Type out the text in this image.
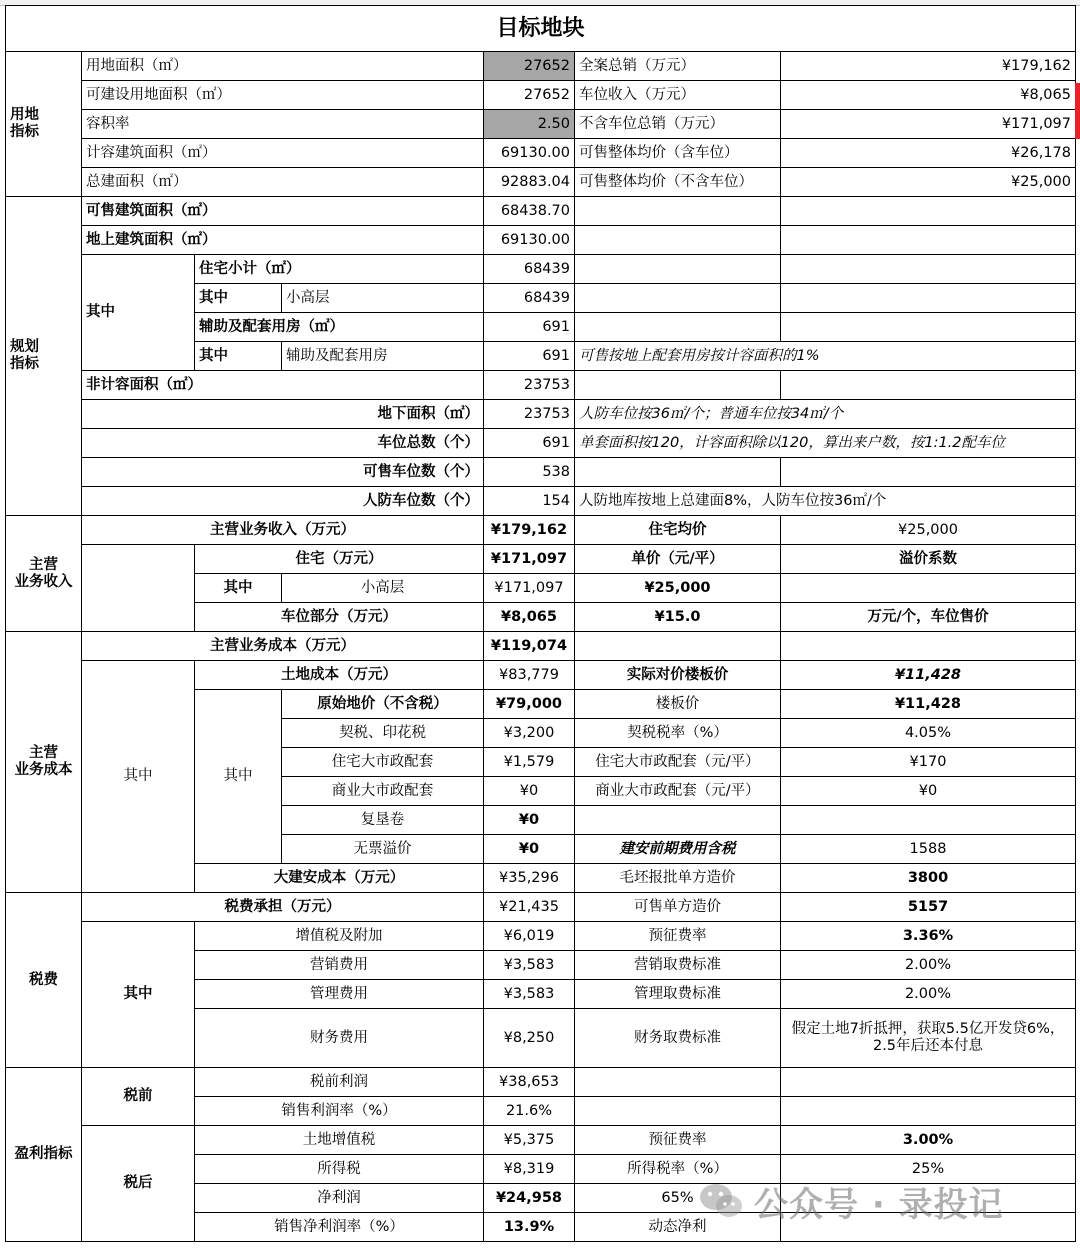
目标地块						

用地
指标	用地面积（㎡）			27652	全案总销（万元）	¥179,162
	可建设用地面积（㎡）			27652	车位收入（万元）	¥8,065
	容积率			2.50	不含车位总销（万元）	¥171,097
	计容建筑面积（㎡）			69130.00	可售整体均价（含车位）	¥26,178
	总建面积（㎡）			92883.04	可售整体均价（不含车位）	¥25,000

规划
指标	可售建筑面积（㎡）			68438.70		
	地上建筑面积（㎡）			69130.00		
	其中	住宅小计（㎡）		68439		
		其中	小高层	68439		
		辅助及配套用房（㎡）		691		
		其中	辅助及配套用房	691	可售按地上配套用房按计容面积的1%	
	非计容面积（㎡）			23753		
	地下面积（㎡）			23753	人防车位按36㎡/个；普通车位按34㎡/个	
	车位总数（个）			691	单套面积按120，计容面积除以120，算出来户数，按1:1.2配车位	
	可售车位数（个）			538		
	人防车位数（个）			154	人防地库按地上总建面8%，人防车位按36㎡/个	

主营
业务收入	主营业务收入（万元）			¥179,162	住宅均价	¥25,000
		住宅（万元）		¥171,097	单价（元/平）	溢价系数
		其中	小高层	¥171,097	¥25,000	
		车位部分（万元）		¥8,065	¥15.0	万元/个，车位售价

主营
业务成本	主营业务成本（万元）			¥119,074		
	其中	土地成本（万元）		¥83,779	实际对价楼板价	¥11,428
		其中	原始地价（不含税）	¥79,000	楼板价	¥11,428
			契税、印花税	¥3,200	契税税率（%）	4.05%
			住宅大市政配套	¥1,579	住宅大市政配套（元/平）	¥170
			商业大市政配套	¥0	商业大市政配套（元/平）	¥0
			复垦卷	¥0		
			无票溢价	¥0	建安前期费用含税	1588
		大建安成本（万元）		¥35,296	毛坯报批单方造价	3800

税费	税费承担（万元）			¥21,435	可售单方造价	5157
	其中	增值税及附加		¥6,019	预征费率	3.36%
		营销费用		¥3,583	营销取费标准	2.00%
		管理费用		¥3,583	管理取费标准	2.00%
		财务费用		¥8,250	财务取费标准	假定土地7折抵押，获取5.5亿开发贷6%，2.5年后还本付息

盈利指标	税前	税前利润		¥38,653		
		销售利润率（%）		21.6%		
	税后	土地增值税		¥5,375	预征费率	3.00%
		所得税		¥8,319	所得税率（%）	25%
		净利润		¥24,958	65%	
		销售净利润率（%）		13.9%	动态净利	
公众号 · 录投记
